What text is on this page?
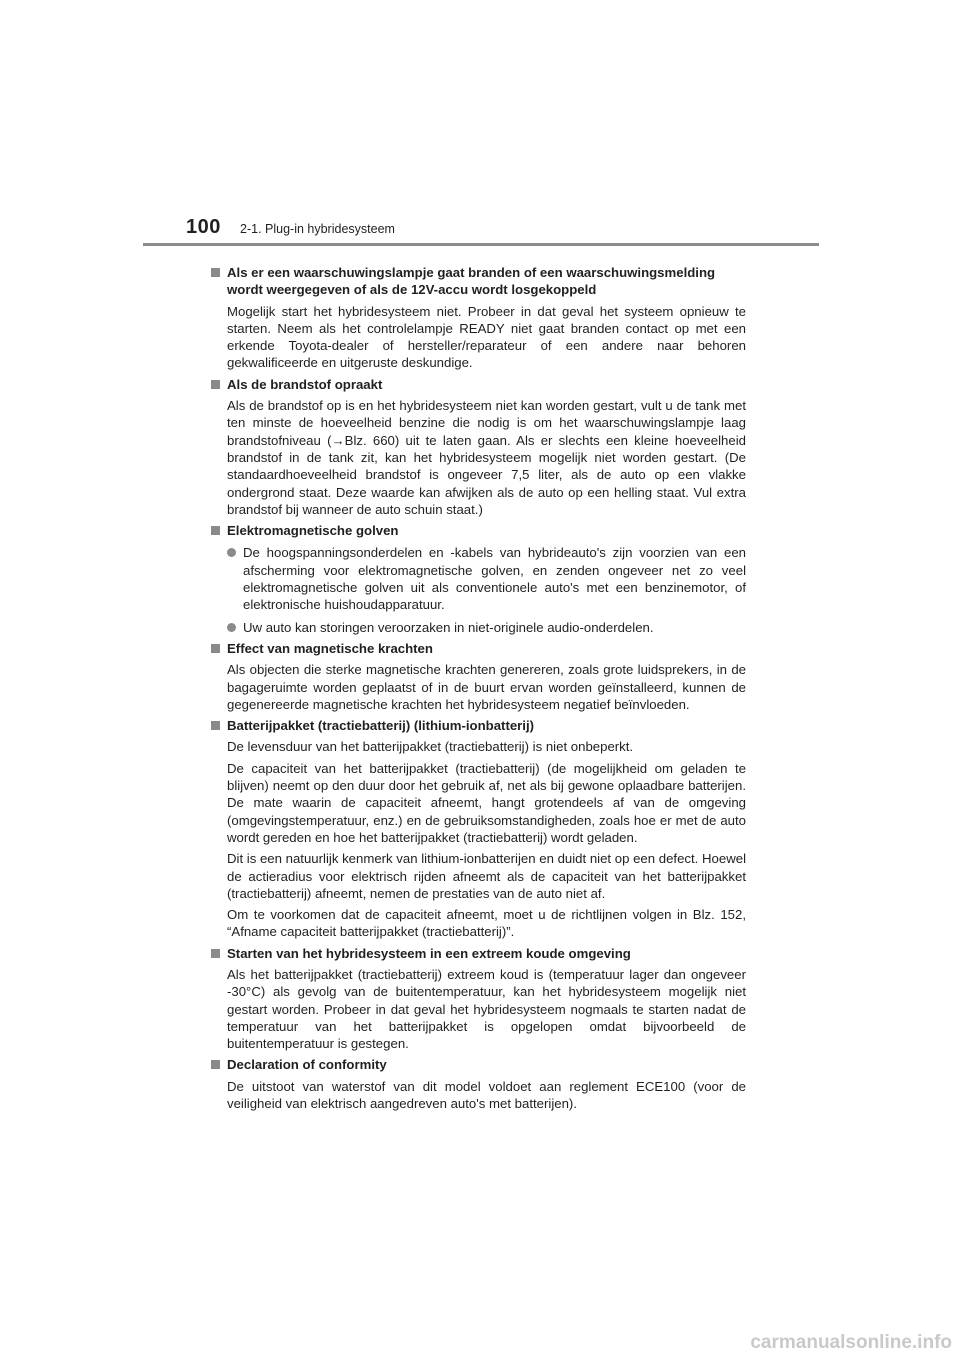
100 2-1. Plug-in hybridesysteem
Als er een waarschuwingslampje gaat branden of een waarschuwingsmelding wordt weergegeven of als de 12V-accu wordt losgekoppeld
Mogelijk start het hybridesysteem niet. Probeer in dat geval het systeem opnieuw te starten. Neem als het controlelampje READY niet gaat branden contact op met een erkende Toyota-dealer of hersteller/reparateur of een andere naar behoren gekwalificeerde en uitgeruste deskundige.
Als de brandstof opraakt
Als de brandstof op is en het hybridesysteem niet kan worden gestart, vult u de tank met ten minste de hoeveelheid benzine die nodig is om het waarschuwingslampje laag brandstofniveau (→Blz. 660) uit te laten gaan. Als er slechts een kleine hoeveelheid brandstof in de tank zit, kan het hybridesysteem mogelijk niet worden gestart. (De standaardhoeveelheid brandstof is ongeveer 7,5 liter, als de auto op een vlakke ondergrond staat. Deze waarde kan afwijken als de auto op een helling staat. Vul extra brandstof bij wanneer de auto schuin staat.)
Elektromagnetische golven
De hoogspanningsonderdelen en -kabels van hybrideauto's zijn voorzien van een afscherming voor elektromagnetische golven, en zenden ongeveer net zo veel elektromagnetische golven uit als conventionele auto's met een benzinemotor, of elektronische huishoudapparatuur.
Uw auto kan storingen veroorzaken in niet-originele audio-onderdelen.
Effect van magnetische krachten
Als objecten die sterke magnetische krachten genereren, zoals grote luidsprekers, in de bagageruimte worden geplaatst of in de buurt ervan worden geïnstalleerd, kunnen de gegenereerde magnetische krachten het hybridesysteem negatief beïnvloeden.
Batterijpakket (tractiebatterij) (lithium-ionbatterij)
De levensduur van het batterijpakket (tractiebatterij) is niet onbeperkt.
De capaciteit van het batterijpakket (tractiebatterij) (de mogelijkheid om geladen te blijven) neemt op den duur door het gebruik af, net als bij gewone oplaadbare batterijen. De mate waarin de capaciteit afneemt, hangt grotendeels af van de omgeving (omgevingstemperatuur, enz.) en de gebruiksomstandigheden, zoals hoe er met de auto wordt gereden en hoe het batterijpakket (tractiebatterij) wordt geladen.
Dit is een natuurlijk kenmerk van lithium-ionbatterijen en duidt niet op een defect. Hoewel de actieradius voor elektrisch rijden afneemt als de capaciteit van het batterijpakket (tractiebatterij) afneemt, nemen de prestaties van de auto niet af.
Om te voorkomen dat de capaciteit afneemt, moet u de richtlijnen volgen in Blz. 152, “Afname capaciteit batterijpakket (tractiebatterij)”.
Starten van het hybridesysteem in een extreem koude omgeving
Als het batterijpakket (tractiebatterij) extreem koud is (temperatuur lager dan ongeveer -30°C) als gevolg van de buitentemperatuur, kan het hybridesysteem mogelijk niet gestart worden. Probeer in dat geval het hybridesysteem nogmaals te starten nadat de temperatuur van het batterijpakket is opgelopen omdat bijvoorbeeld de buitentemperatuur is gestegen.
Declaration of conformity
De uitstoot van waterstof van dit model voldoet aan reglement ECE100 (voor de veiligheid van elektrisch aangedreven auto's met batterijen).
carmanualsonline.info
